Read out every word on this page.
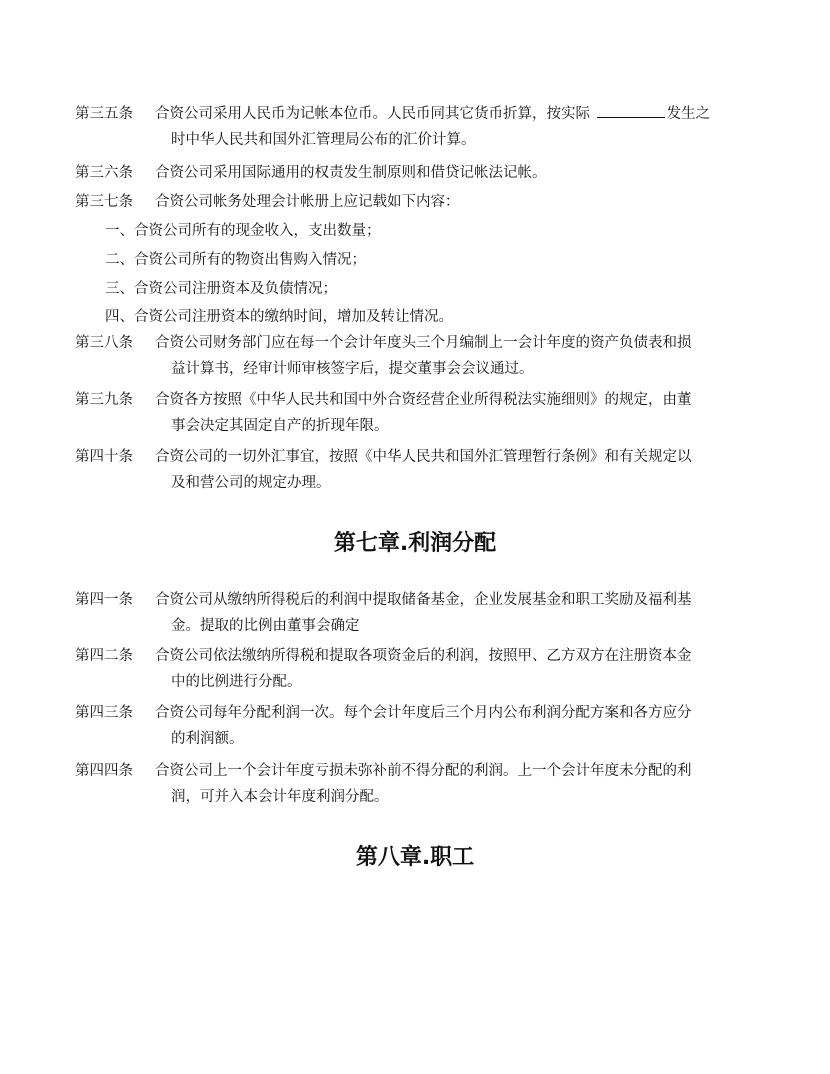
第三五条 合资公司采用人民币为记帐本位币。人民币同其它货币折算，按实际	发生之
时中华人民共和国外汇管理局公布的汇价计算。
第三六条 合资公司采用国际通用的权责发生制原则和借贷记帐法记帐。
第三七条 合资公司帐务处理会计帐册上应记载如下内容：
一、合资公司所有的现金收入，支出数量；
二、合资公司所有的物资出售购入情况；
三、合资公司注册资本及负债情况；
四、合资公司注册资本的缴纳时间，增加及转让情况。
第三八条 合资公司财务部门应在每一个会计年度头三个月编制上一会计年度的资产负债表和损
益计算书，经审计师审核签字后，提交董事会会议通过。
第三九条 合资各方按照《中华人民共和国中外合资经营企业所得税法实施细则》的规定，由董
事会决定其固定自产的折现年限。
第四十条 合资公司的一切外汇事宜，按照《中华人民共和国外汇管理暂行条例》和有关规定以
及和营公司的规定办理。
第七章.利润分配
第四一条 合资公司从缴纳所得税后的利润中提取储备基金，企业发展基金和职工奖励及福利基
金。提取的比例由董事会确定
第四二条 合资公司依法缴纳所得税和提取各项资金后的利润，按照甲、乙方双方在注册资本金
中的比例进行分配。
第四三条 合资公司每年分配利润一次。每个会计年度后三个月内公布利润分配方案和各方应分
的利润额。
第四四条 合资公司上一个会计年度亏损未弥补前不得分配的利润。上一个会计年度未分配的利
润，可并入本会计年度利润分配。
第八章.职工
